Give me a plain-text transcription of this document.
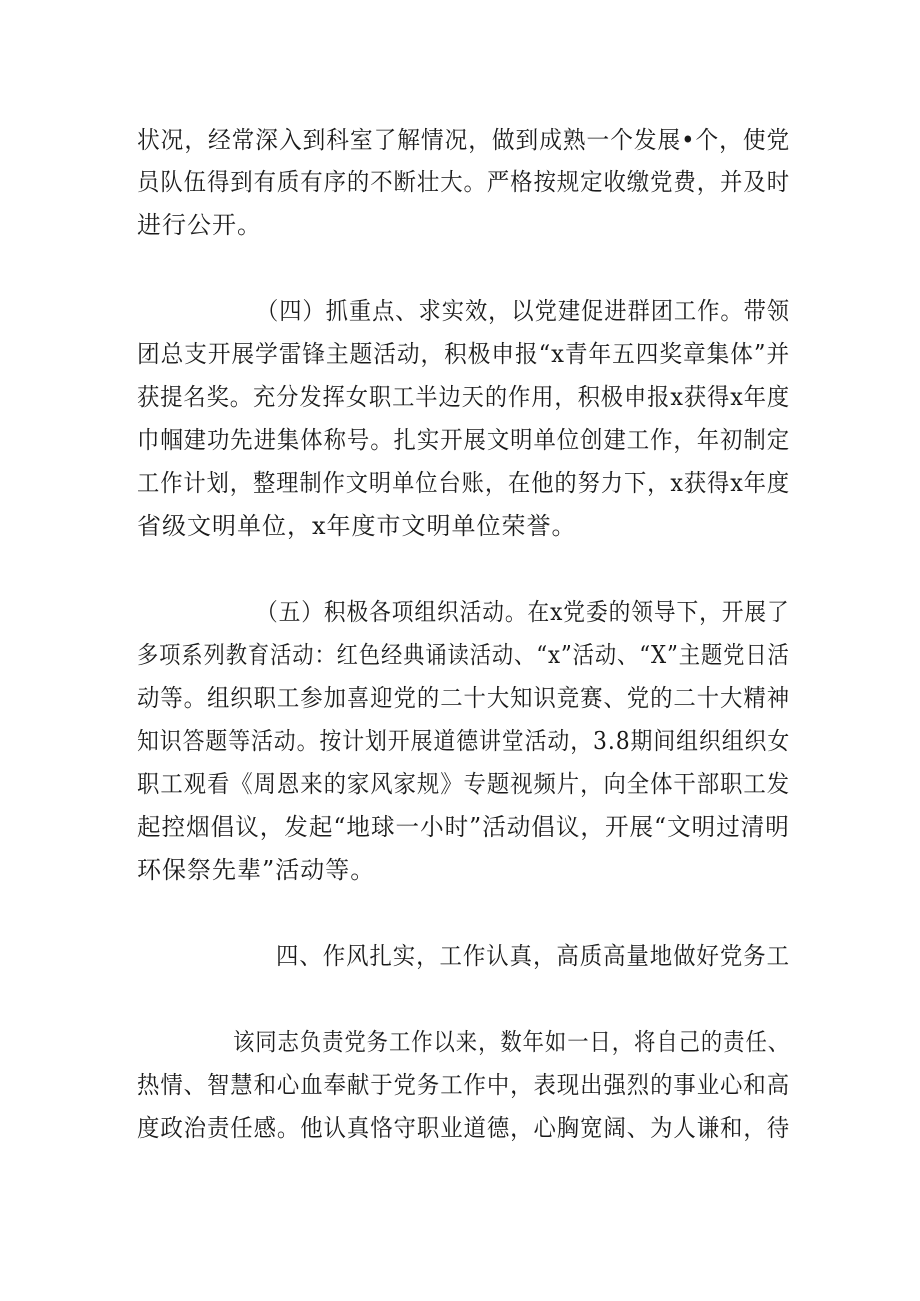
状况，经常深入到科室了解情况，做到成熟一个发展•个，使党
员队伍得到有质有序的不断壮大。严格按规定收缴党费，并及时
进行公开。
（四）抓重点、求实效，以党建促进群团工作。带领
团总支开展学雷锋主题活动，积极申报“x青年五四奖章集体”并
获提名奖。充分发挥女职工半边天的作用，积极申报x获得x年度
巾帼建功先进集体称号。扎实开展文明单位创建工作，年初制定
工作计划，整理制作文明单位台账，在他的努力下，x获得x年度
省级文明单位，x年度市文明单位荣誉。
（五）积极各项组织活动。在x党委的领导下，开展了
多项系列教育活动：红色经典诵读活动、“x”活动、“X”主题党日活
动等。组织职工参加喜迎党的二十大知识竞赛、党的二十大精神
知识答题等活动。按计划开展道德讲堂活动，3.8期间组织组织女
职工观看《周恩来的家风家规》专题视频片，向全体干部职工发
起控烟倡议，发起“地球一小时”活动倡议，开展“文明过清明
环保祭先辈”活动等。
四、作风扎实，工作认真，高质高量地做好党务工
该同志负责党务工作以来，数年如一日，将自己的责任、
热情、智慧和心血奉献于党务工作中，表现出强烈的事业心和高
度政治责任感。他认真恪守职业道德，心胸宽阔、为人谦和，待
